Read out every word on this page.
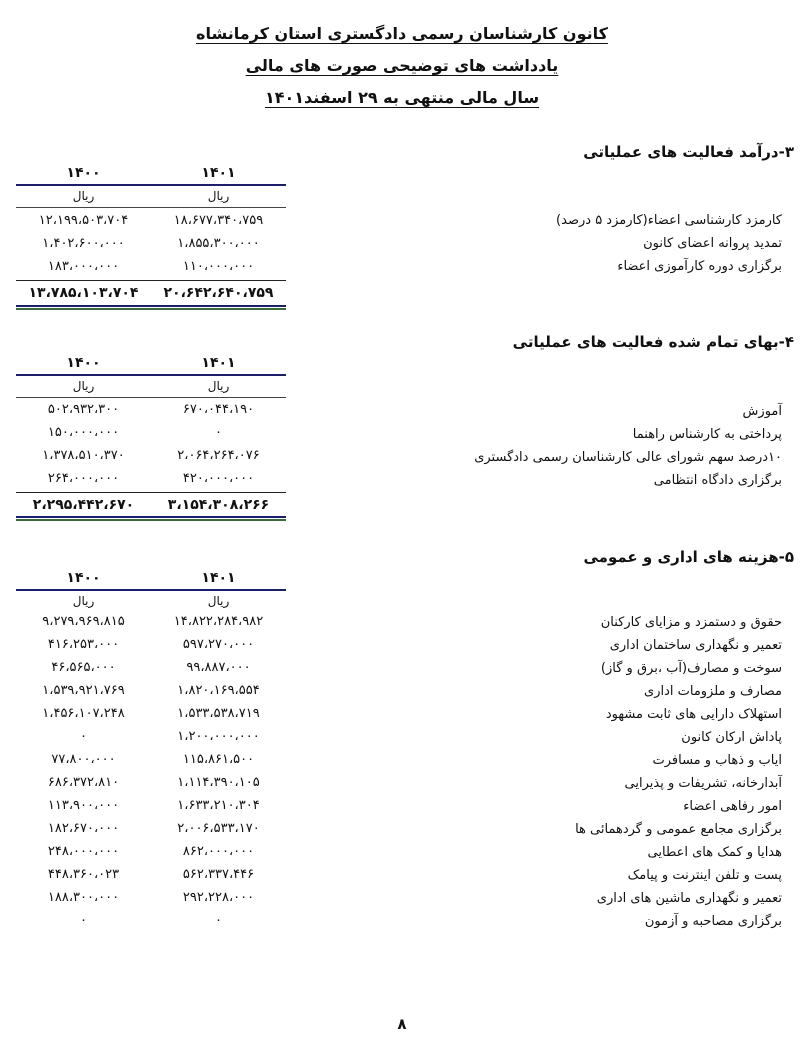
کانون کارشناسان رسمی دادگستری استان کرمانشاه
یادداشت های توضیحی صورت های مالی
سال مالی منتهی به ۲۹ اسفند۱۴۰۱
۳-درآمد فعالیت های عملیاتی
۱۴۰۱
۱۴۰۰
ریال
ریال
۱۸،۶۷۷،۳۴۰،۷۵۹
۱،۸۵۵،۳۰۰،۰۰۰
۱۱۰،۰۰۰،۰۰۰
۱۲،۱۹۹،۵۰۳،۷۰۴
۱،۴۰۲،۶۰۰،۰۰۰
۱۸۳،۰۰۰،۰۰۰
۲۰،۶۴۲،۶۴۰،۷۵۹
۱۳،۷۸۵،۱۰۳،۷۰۴
کارمزد کارشناسی اعضاء(کارمزد ۵ درصد)
تمدید پروانه اعضای کانون
برگزاری دوره کارآموزی اعضاء
۴-بهای تمام شده فعالیت های عملیاتی
۱۴۰۱
۱۴۰۰
ریال
ریال
۶۷۰،۰۴۴،۱۹۰
۰
۲،۰۶۴،۲۶۴،۰۷۶
۴۲۰،۰۰۰،۰۰۰
۵۰۲،۹۳۲،۳۰۰
۱۵۰،۰۰۰،۰۰۰
۱،۳۷۸،۵۱۰،۳۷۰
۲۶۴،۰۰۰،۰۰۰
۳،۱۵۴،۳۰۸،۲۶۶
۲،۲۹۵،۴۴۲،۶۷۰
آموزش
پرداختی به کارشناس راهنما
۱۰درصد سهم شورای عالی کارشناسان رسمی دادگستری
برگزاری دادگاه انتظامی
۵-هزینه های اداری و عمومی
۱۴۰۱
۱۴۰۰
ریال
ریال
۱۴،۸۲۲،۲۸۴،۹۸۲
۵۹۷،۲۷۰،۰۰۰
۹۹،۸۸۷،۰۰۰
۱،۸۲۰،۱۶۹،۵۵۴
۱،۵۳۳،۵۳۸،۷۱۹
۱،۲۰۰،۰۰۰،۰۰۰
۱۱۵،۸۶۱،۵۰۰
۱،۱۱۴،۳۹۰،۱۰۵
۱،۶۳۳،۲۱۰،۳۰۴
۲،۰۰۶،۵۳۳،۱۷۰
۸۶۲،۰۰۰،۰۰۰
۵۶۲،۳۳۷،۴۴۶
۲۹۲،۲۲۸،۰۰۰
۰
۹،۲۷۹،۹۶۹،۸۱۵
۴۱۶،۲۵۳،۰۰۰
۴۶،۵۶۵،۰۰۰
۱،۵۳۹،۹۲۱،۷۶۹
۱،۴۵۶،۱۰۷،۲۴۸
۰
۷۷،۸۰۰،۰۰۰
۶۸۶،۳۷۲،۸۱۰
۱۱۳،۹۰۰،۰۰۰
۱۸۲،۶۷۰،۰۰۰
۲۴۸،۰۰۰،۰۰۰
۴۴۸،۳۶۰،۰۲۳
۱۸۸،۳۰۰،۰۰۰
۰
حقوق و دستمزد و مزایای کارکنان
تعمیر و نگهداری ساختمان اداری
سوخت و مصارف(آب ،برق و گاز)
مصارف و ملزومات اداری
استهلاک دارایی های ثابت مشهود
پاداش ارکان کانون
ایاب و ذهاب و مسافرت
آبدارخانه، تشریفات و پذیرایی
امور رفاهی اعضاء
برگزاری مجامع عمومی و گردهمائی ها
هدایا و کمک های اعطایی
پست و تلفن اینترنت و پیامک
تعمیر و نگهداری ماشین های اداری
برگزاری مصاحبه و آزمون
۸
